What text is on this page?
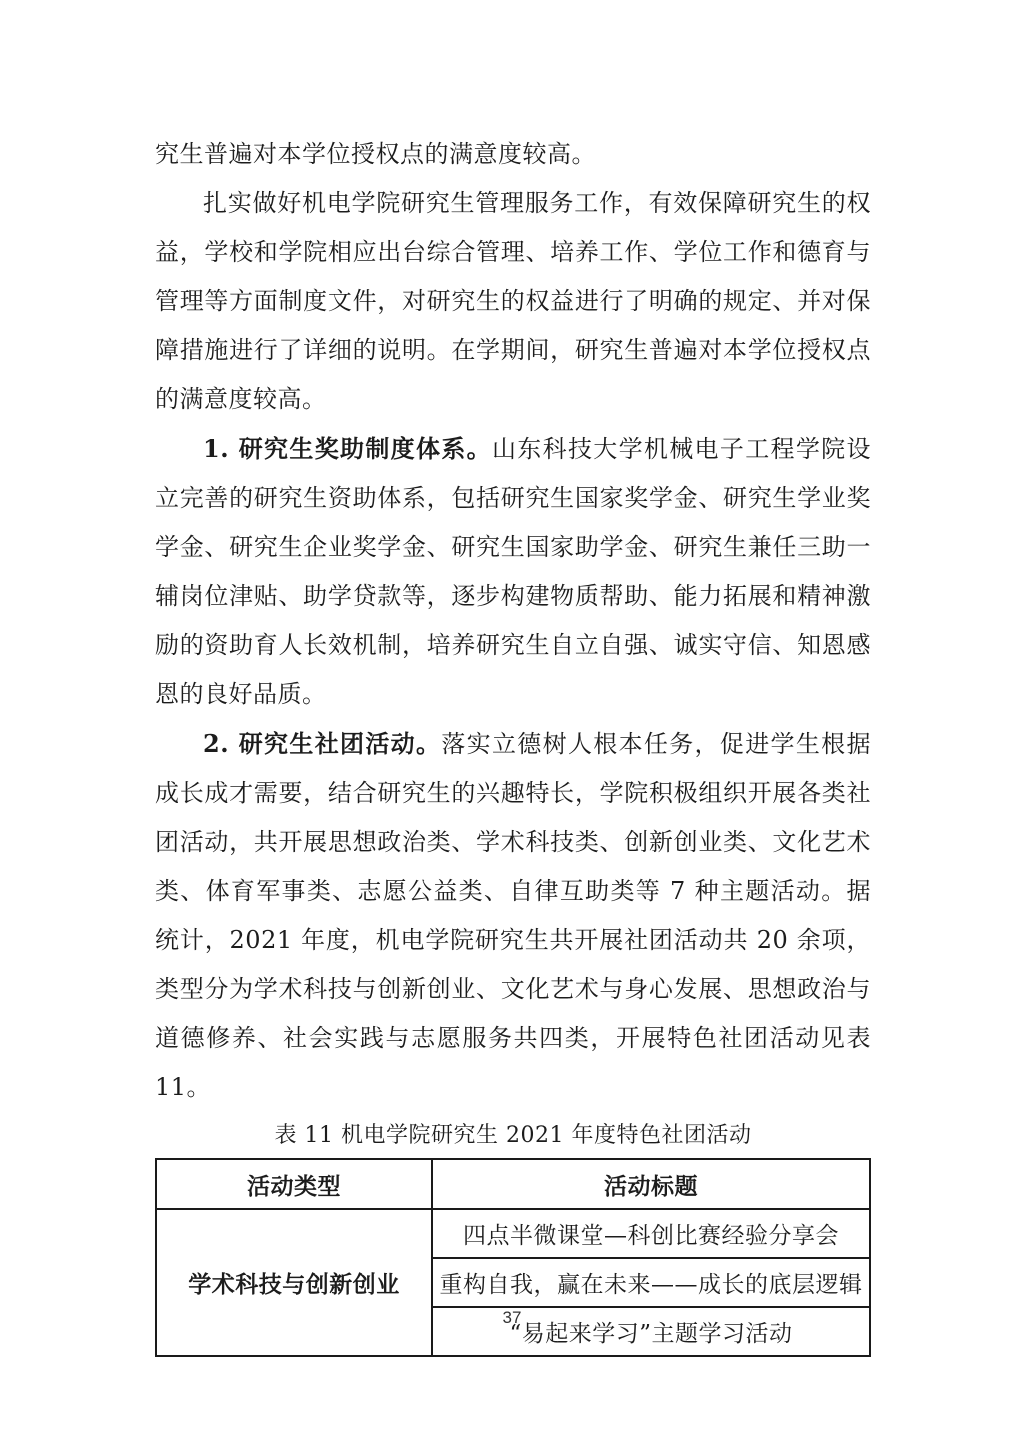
究生普遍对本学位授权点的满意度较高。

扎实做好机电学院研究生管理服务工作，有效保障研究生的权益，学校和学院相应出台综合管理、培养工作、学位工作和德育与管理等方面制度文件，对研究生的权益进行了明确的规定、并对保障措施进行了详细的说明。在学期间，研究生普遍对本学位授权点的满意度较高。

1. 研究生奖助制度体系。山东科技大学机械电子工程学院设立完善的研究生资助体系，包括研究生国家奖学金、研究生学业奖学金、研究生企业奖学金、研究生国家助学金、研究生兼任三助一辅岗位津贴、助学贷款等，逐步构建物质帮助、能力拓展和精神激励的资助育人长效机制，培养研究生自立自强、诚实守信、知恩感恩的良好品质。

2. 研究生社团活动。落实立德树人根本任务，促进学生根据成长成才需要，结合研究生的兴趣特长，学院积极组织开展各类社团活动，共开展思想政治类、学术科技类、创新创业类、文化艺术类、体育军事类、志愿公益类、自律互助类等 7 种主题活动。据统计，2021 年度，机电学院研究生共开展社团活动共 20 余项，类型分为学术科技与创新创业、文化艺术与身心发展、思想政治与道德修养、社会实践与志愿服务共四类，开展特色社团活动见表 11。

表 11 机电学院研究生 2021 年度特色社团活动

活动类型	活动标题
学术科技与创新创业	四点半微课堂—科创比赛经验分享会
	重构自我，赢在未来——成长的底层逻辑
	“易起来学习”主题学习活动
37
